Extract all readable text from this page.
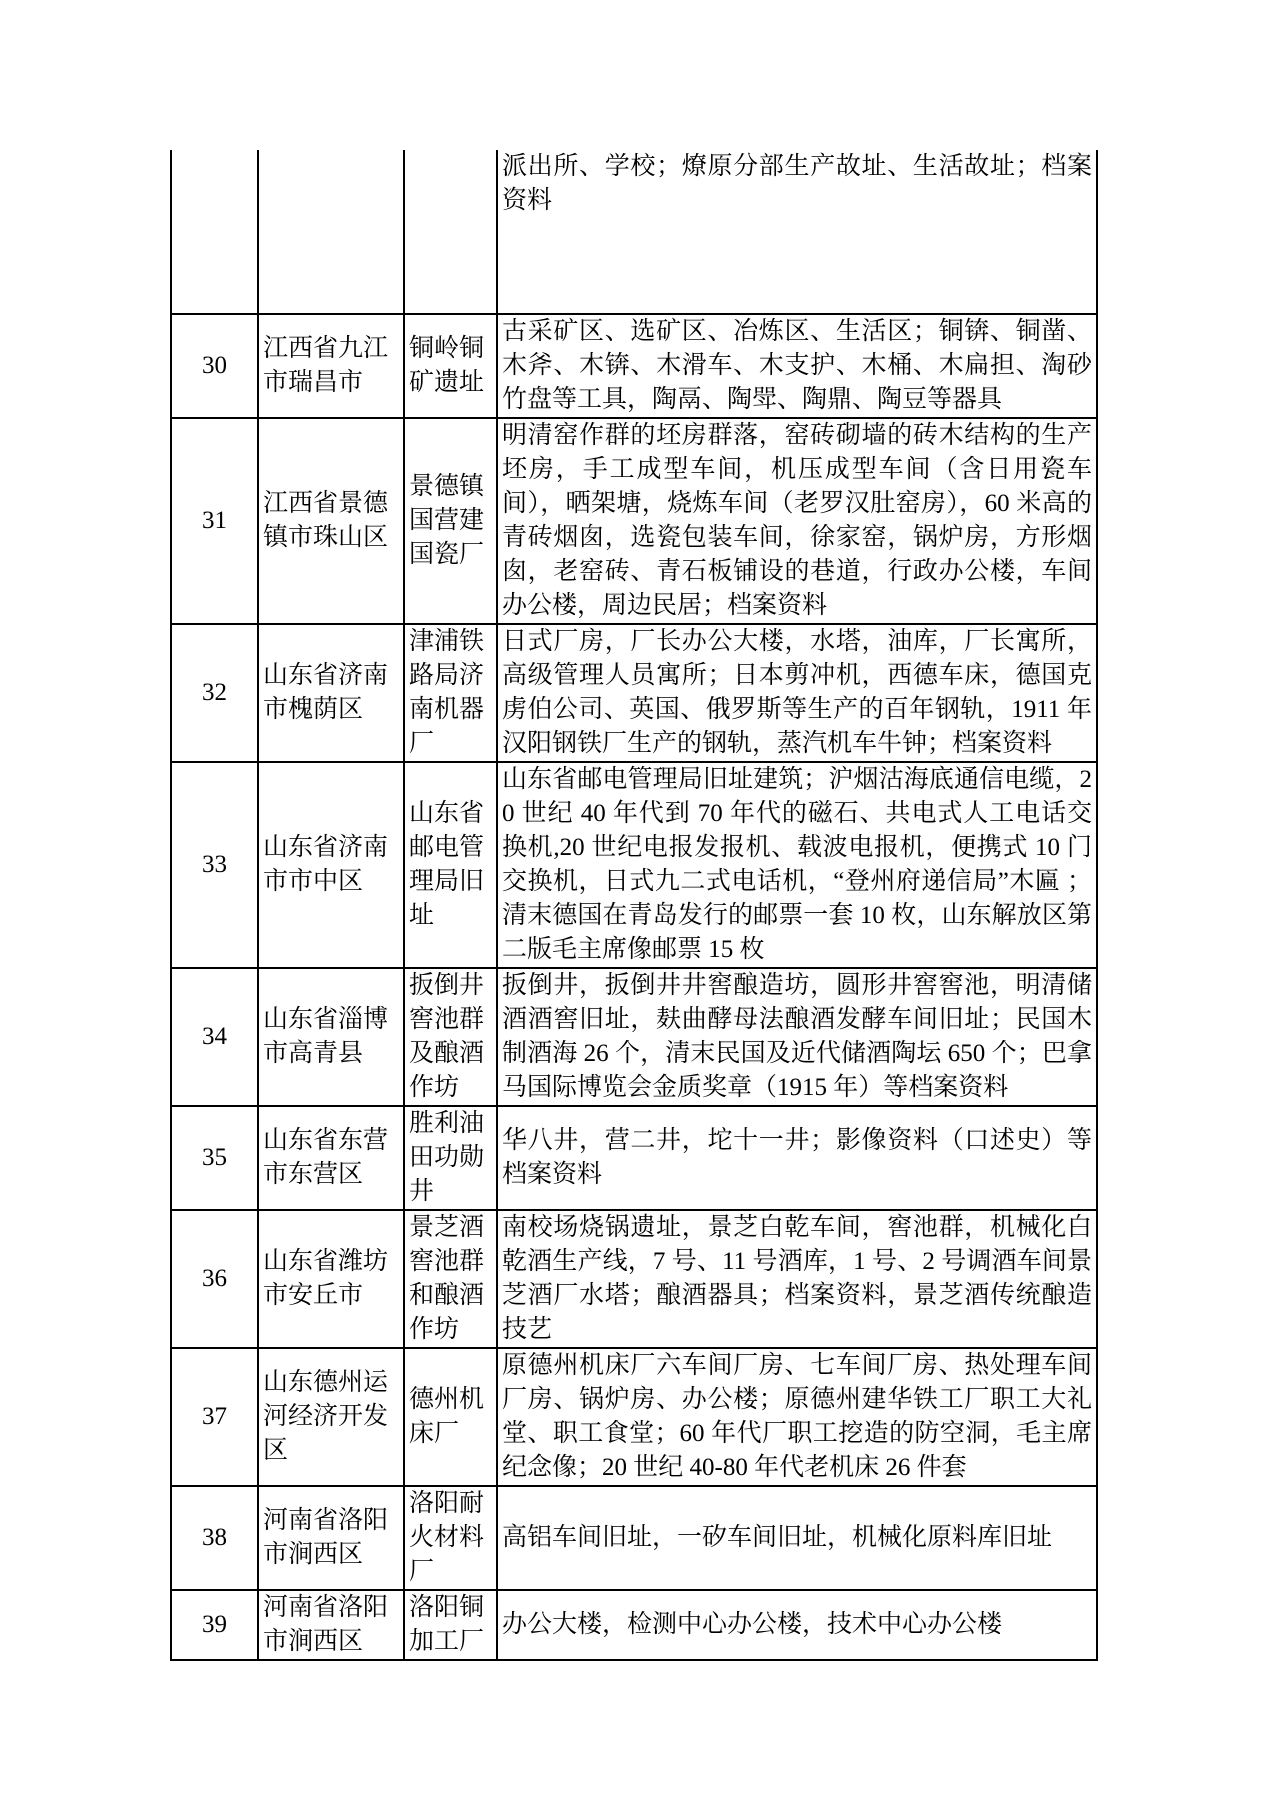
			派出所、学校；燎原分部生产故址、生活故址；档案资料
30	江西省九江市瑞昌市	铜岭铜矿遗址	古采矿区、选矿区、冶炼区、生活区；铜锛、铜凿、木斧、木锛、木滑车、木支护、木桶、木扁担、淘砂竹盘等工具，陶鬲、陶斝、陶鼎、陶豆等器具
31	江西省景德镇市珠山区	景德镇国营建国瓷厂	明清窑作群的坯房群落，窑砖砌墙的砖木结构的生产坯房，手工成型车间，机压成型车间（含日用瓷车间），晒架塘，烧炼车间（老罗汉肚窑房），60 米高的青砖烟囱，选瓷包装车间，徐家窑，锅炉房，方形烟囱，老窑砖、青石板铺设的巷道，行政办公楼，车间办公楼，周边民居；档案资料
32	山东省济南市槐荫区	津浦铁路局济南机器厂	日式厂房，厂长办公大楼，水塔，油库，厂长寓所，高级管理人员寓所；日本剪冲机，西德车床，德国克虏伯公司、英国、俄罗斯等生产的百年钢轨，1911 年汉阳钢铁厂生产的钢轨，蒸汽机车牛钟；档案资料
33	山东省济南市市中区	山东省邮电管理局旧址	山东省邮电管理局旧址建筑；沪烟沽海底通信电缆，20 世纪 40 年代到 70 年代的磁石、共电式人工电话交换机,20 世纪电报发报机、载波电报机，便携式 10 门交换机，日式九二式电话机，“登州府递信局”木匾 ；清末德国在青岛发行的邮票一套 10 枚，山东解放区第二版毛主席像邮票 15 枚
34	山东省淄博市高青县	扳倒井窖池群及酿酒作坊	扳倒井，扳倒井井窖酿造坊，圆形井窖窖池，明清储酒酒窖旧址，麸曲酵母法酿酒发酵车间旧址；民国木制酒海 26 个，清末民国及近代储酒陶坛 650 个；巴拿马国际博览会金质奖章（1915 年）等档案资料
35	山东省东营市东营区	胜利油田功勋井	华八井，营二井，坨十一井；影像资料（口述史）等档案资料
36	山东省潍坊市安丘市	景芝酒窖池群和酿酒作坊	南校场烧锅遗址，景芝白乾车间，窖池群，机械化白乾酒生产线，7 号、11 号酒库，1 号、2 号调酒车间景芝酒厂水塔；酿酒器具；档案资料，景芝酒传统酿造技艺
37	山东德州运河经济开发区	德州机床厂	原德州机床厂六车间厂房、七车间厂房、热处理车间厂房、锅炉房、办公楼；原德州建华铁工厂职工大礼堂、职工食堂；60 年代厂职工挖造的防空洞，毛主席纪念像；20 世纪 40-80 年代老机床 26 件套
38	河南省洛阳市涧西区	洛阳耐火材料厂	高铝车间旧址，一矽车间旧址，机械化原料库旧址
39	河南省洛阳市涧西区	洛阳铜加工厂	办公大楼，检测中心办公楼，技术中心办公楼
